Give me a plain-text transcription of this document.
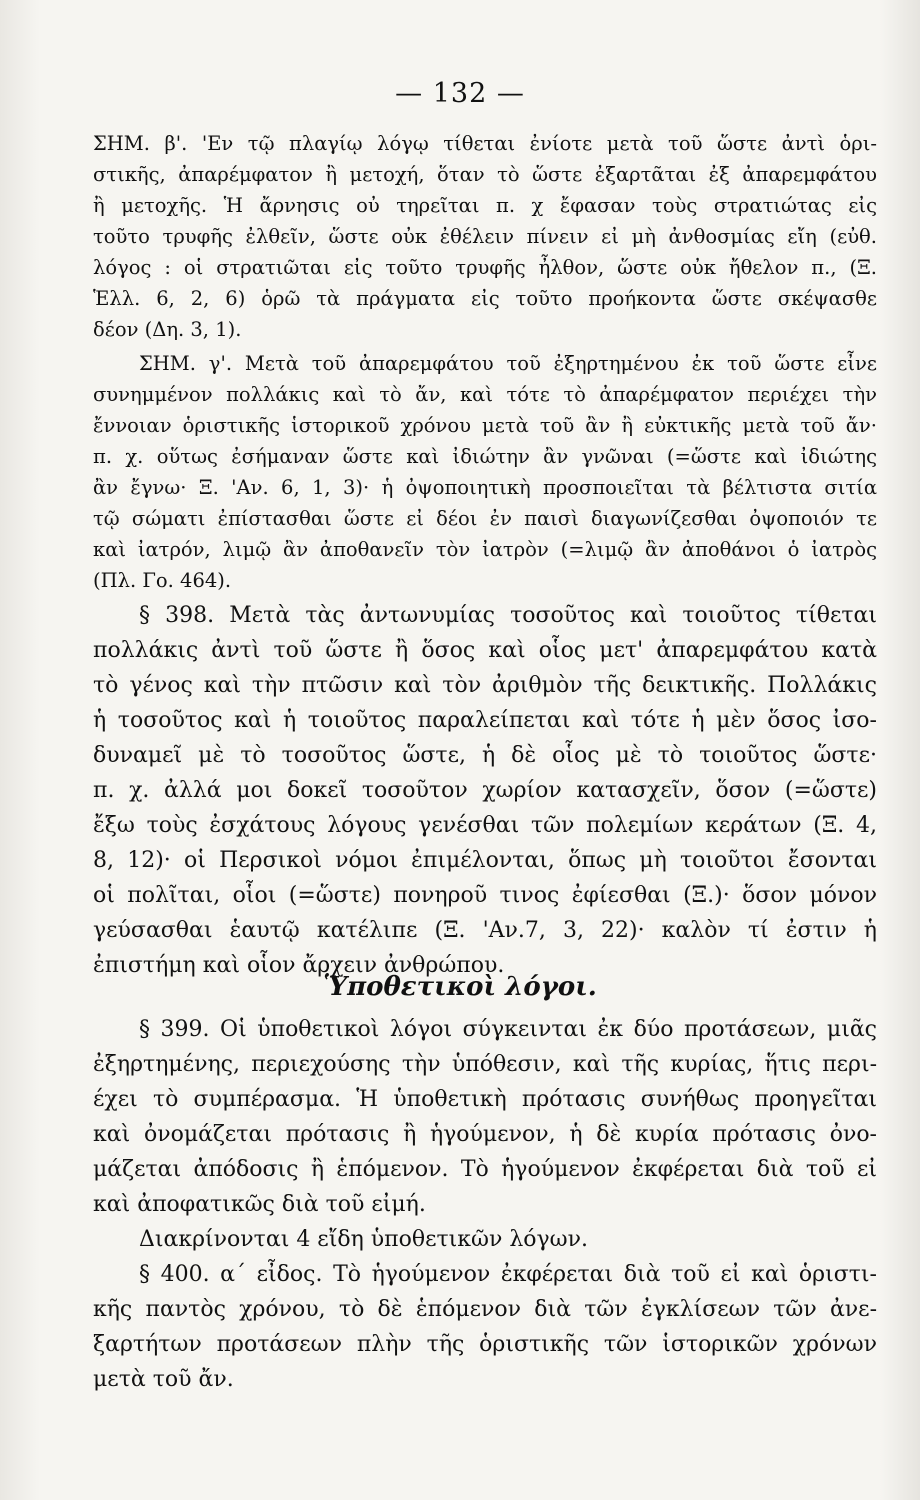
— 132 —
ΣΗΜ. β'. 'Εν τῷ πλαγίῳ λόγῳ τίθεται ἐνίοτε μετὰ τοῦ ὥστε ἀντὶ ὁρι-
στικῆς, ἀπαρέμφατον ἢ μετοχή, ὅταν τὸ ὥστε ἐξαρτᾶται ἐξ ἀπαρεμφάτου
ἢ μετοχῆς. Ἡ ἄρνησις οὐ τηρεῖται π. χ ἔφασαν τοὺς στρατιώτας εἰς
τοῦτο τρυφῆς ἐλθεῖν, ὥστε οὐκ ἐθέλειν πίνειν εἰ μὴ ἀνθοσμίας εἴη (εὐθ.
λόγος : οἱ στρατιῶται εἰς τοῦτο τρυφῆς ἦλθον, ὥστε οὐκ ἤθελον π., (Ξ.
Ἑλλ. 6, 2, 6) ὁρῶ τὰ πράγματα εἰς τοῦτο προήκοντα ὥστε σκέψασθε
δέον (Δη. 3, 1).
ΣΗΜ. γ'. Μετὰ τοῦ ἀπαρεμφάτου τοῦ ἐξηρτημένου ἐκ τοῦ ὥστε εἶνε
συνημμένον πολλάκις καὶ τὸ ἄν, καὶ τότε τὸ ἀπαρέμφατον περιέχει τὴν
ἔννοιαν ὁριστικῆς ἱστορικοῦ χρόνου μετὰ τοῦ ἂν ἢ εὐκτικῆς μετὰ τοῦ ἄν·
π. χ. οὕτως ἐσήμαναν ὥστε καὶ ἰδιώτην ἂν γνῶναι (=ὥστε καὶ ἰδιώτης
ἂν ἔγνω· Ξ. 'Αν. 6, 1, 3)· ἡ ὀψοποιητικὴ προσποιεῖται τὰ βέλτιστα σιτία
τῷ σώματι ἐπίστασθαι ὥστε εἰ δέοι ἐν παισὶ διαγωνίζεσθαι ὀψοποιόν τε
καὶ ἰατρόν, λιμῷ ἂν ἀποθανεῖν τὸν ἰατρὸν (=λιμῷ ἂν ἀποθάνοι ὁ ἰατρὸς
(Πλ. Γο. 464).
§ 398. Μετὰ τὰς ἀντωνυμίας τοσοῦτος καὶ τοιοῦτος τίθεται
πολλάκις ἀντὶ τοῦ ὥστε ἢ ὅσος καὶ οἷος μετ' ἀπαρεμφάτου κατὰ
τὸ γένος καὶ τὴν πτῶσιν καὶ τὸν ἀριθμὸν τῆς δεικτικῆς. Πολλάκις
ἡ τοσοῦτος καὶ ἡ τοιοῦτος παραλείπεται καὶ τότε ἡ μὲν ὅσος ἰσο-
δυναμεῖ μὲ τὸ τοσοῦτος ὥστε, ἡ δὲ οἷος μὲ τὸ τοιοῦτος ὥστε·
π. χ. ἀλλά μοι δοκεῖ τοσοῦτον χωρίον κατασχεῖν, ὅσον (=ὥστε)
ἔξω τοὺς ἐσχάτους λόγους γενέσθαι τῶν πολεμίων κεράτων (Ξ. 4,
8, 12)· οἱ Περσικοὶ νόμοι ἐπιμέλονται, ὅπως μὴ τοιοῦτοι ἔσονται
οἱ πολῖται, οἷοι (=ὥστε) πονηροῦ τινος ἐφίεσθαι (Ξ.)· ὅσον μόνον
γεύσασθαι ἑαυτῷ κατέλιπε (Ξ. 'Αν.7, 3, 22)· καλὸν τί ἐστιν ἡ
ἐπιστήμη καὶ οἷον ἄρχειν ἀνθρώπου.
Ὑποθετικοὶ λόγοι.
§ 399. Οἱ ὑποθετικοὶ λόγοι σύγκεινται ἐκ δύο προτάσεων, μιᾶς
ἐξηρτημένης, περιεχούσης τὴν ὑπόθεσιν, καὶ τῆς κυρίας, ἥτις περι-
έχει τὸ συμπέρασμα. Ἡ ὑποθετικὴ πρότασις συνήθως προηγεῖται
καὶ ὀνομάζεται πρότασις ἢ ἡγούμενον, ἡ δὲ κυρία πρότασις ὀνο-
μάζεται ἀπόδοσις ἢ ἑπόμενον. Τὸ ἡγούμενον ἐκφέρεται διὰ τοῦ εἰ
καὶ ἀποφατικῶς διὰ τοῦ εἰμή.
Διακρίνονται 4 εἴδη ὑποθετικῶν λόγων.
§ 400. α΄ εἶδος. Τὸ ἡγούμενον ἐκφέρεται διὰ τοῦ εἰ καὶ ὁριστι-
κῆς παντὸς χρόνου, τὸ δὲ ἑπόμενον διὰ τῶν ἐγκλίσεων τῶν ἀνε-
ξαρτήτων προτάσεων πλὴν τῆς ὁριστικῆς τῶν ἱστορικῶν χρόνων
μετὰ τοῦ ἄν.
